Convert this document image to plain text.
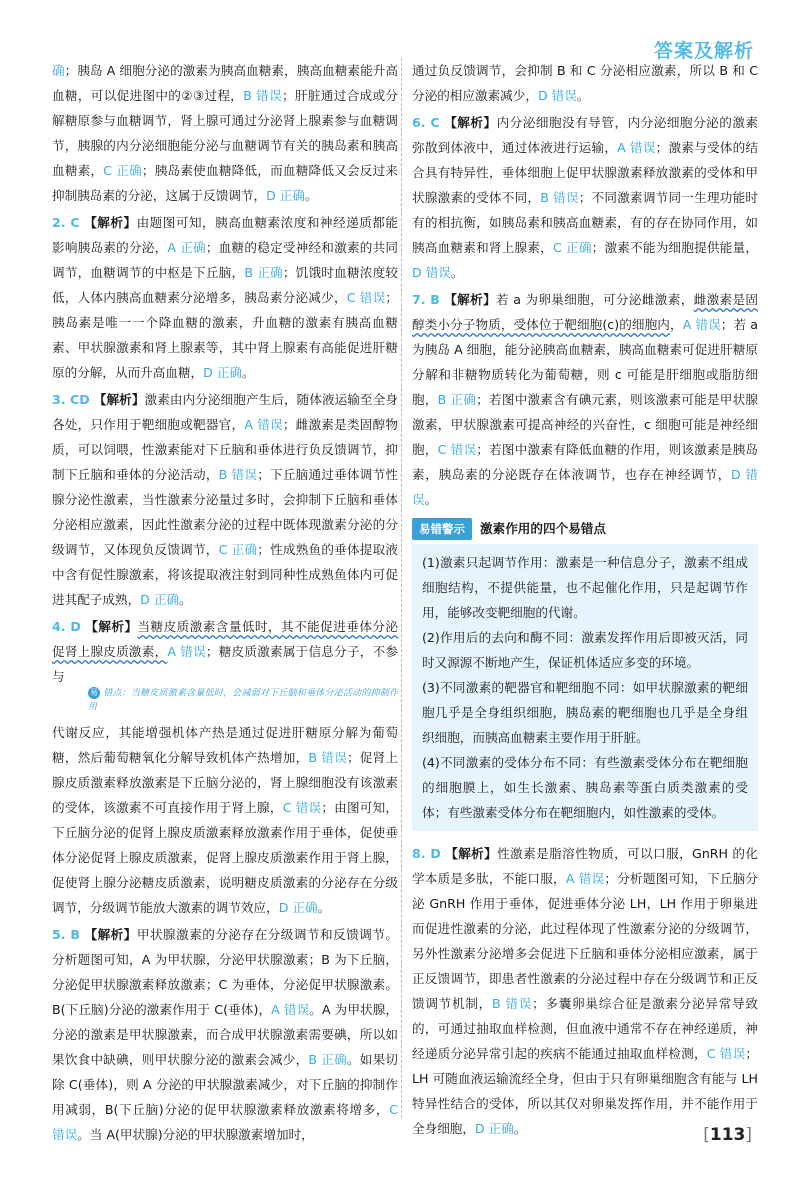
答案及解析

确；胰岛 A 细胞分泌的激素为胰高血糖素，胰高血糖素能升高血糖，可以促进图中的②③过程，B 错误；肝脏通过合成或分解糖原参与血糖调节，肾上腺可通过分泌肾上腺素参与血糖调节，胰腺的内分泌细胞能分泌与血糖调节有关的胰岛素和胰高血糖素，C 正确；胰岛素使血糖降低，而血糖降低又会反过来抑制胰岛素的分泌，这属于反馈调节，D 正确。

2. C 【解析】由题图可知，胰高血糖素浓度和神经递质都能影响胰岛素的分泌，A 正确；血糖的稳定受神经和激素的共同调节，血糖调节的中枢是下丘脑，B 正确；饥饿时血糖浓度较低，人体内胰高血糖素分泌增多，胰岛素分泌减少，C 错误；胰岛素是唯一一个降血糖的激素，升血糖的激素有胰高血糖素、甲状腺激素和肾上腺素等，其中肾上腺素有高能促进肝糖原的分解，从而升高血糖，D 正确。

3. CD 【解析】激素由内分泌细胞产生后，随体液运输至全身各处，只作用于靶细胞或靶器官，A 错误；雌激素是类固醇物质，可以饲喂，性激素能对下丘脑和垂体进行负反馈调节，抑制下丘脑和垂体的分泌活动，B 错误；下丘脑通过垂体调节性腺分泌性激素，当性激素分泌量过多时，会抑制下丘脑和垂体分泌相应激素，因此性激素分泌的过程中既体现激素分泌的分级调节，又体现负反馈调节，C 正确；性成熟鱼的垂体提取液中含有促性腺激素，将该提取液注射到同种性成熟鱼体内可促进其配子成熟，D 正确。

4. D 【解析】当糖皮质激素含量低时，其不能促进垂体分泌促肾上腺皮质激素，A 错误；糖皮质激素属于信息分子，不参与

易 错点：当糖皮质激素含量低时，会减弱对下丘脑和垂体分泌活动的抑制作用

代谢反应，其能增强机体产热是通过促进肝糖原分解为葡萄糖，然后葡萄糖氧化分解导致机体产热增加，B 错误；促肾上腺皮质激素释放激素是下丘脑分泌的，肾上腺细胞没有该激素的受体，该激素不可直接作用于肾上腺，C 错误；由图可知，下丘脑分泌的促肾上腺皮质激素释放激素作用于垂体，促使垂体分泌促肾上腺皮质激素，促肾上腺皮质激素作用于肾上腺，促使肾上腺分泌糖皮质激素，说明糖皮质激素的分泌存在分级调节，分级调节能放大激素的调节效应，D 正确。

5. B 【解析】甲状腺激素的分泌存在分级调节和反馈调节。分析题图可知，A 为甲状腺，分泌甲状腺激素；B 为下丘脑，分泌促甲状腺激素释放激素；C 为垂体，分泌促甲状腺激素。B(下丘脑)分泌的激素作用于 C(垂体)，A 错误。A 为甲状腺，分泌的激素是甲状腺激素，而合成甲状腺激素需要碘，所以如果饮食中缺碘，则甲状腺分泌的激素会减少，B 正确。如果切除 C(垂体)，则 A 分泌的甲状腺激素减少，对下丘脑的抑制作用减弱，B(下丘脑)分泌的促甲状腺激素释放激素将增多，C 错误。当 A(甲状腺)分泌的甲状腺激素增加时，

通过负反馈调节，会抑制 B 和 C 分泌相应激素，所以 B 和 C 分泌的相应激素减少，D 错误。

6. C 【解析】内分泌细胞没有导管，内分泌细胞分泌的激素弥散到体液中，通过体液进行运输，A 错误；激素与受体的结合具有特异性，垂体细胞上促甲状腺激素释放激素的受体和甲状腺激素的受体不同，B 错误；不同激素调节同一生理功能时有的相抗衡，如胰岛素和胰高血糖素，有的存在协同作用，如胰高血糖素和肾上腺素，C 正确；激素不能为细胞提供能量，D 错误。

7. B 【解析】若 a 为卵巢细胞，可分泌雌激素，雌激素是固醇类小分子物质，受体位于靶细胞(c)的细胞内，A 错误；若 a 为胰岛 A 细胞，能分泌胰高血糖素，胰高血糖素可促进肝糖原分解和非糖物质转化为葡萄糖，则 c 可能是肝细胞或脂肪细胞，B 正确；若图中激素含有碘元素，则该激素可能是甲状腺激素，甲状腺激素可提高神经的兴奋性，c 细胞可能是神经细胞，C 错误；若图中激素有降低血糖的作用，则该激素是胰岛素，胰岛素的分泌既存在体液调节，也存在神经调节，D 错误。

易错警示 激素作用的四个易错点

(1)激素只起调节作用：激素是一种信息分子，激素不组成细胞结构，不提供能量，也不起催化作用，只是起调节作用，能够改变靶细胞的代谢。

(2)作用后的去向和酶不同：激素发挥作用后即被灭活，同时又源源不断地产生，保证机体适应多变的环境。

(3)不同激素的靶器官和靶细胞不同：如甲状腺激素的靶细胞几乎是全身组织细胞，胰岛素的靶细胞也几乎是全身组织细胞，而胰高血糖素主要作用于肝脏。

(4)不同激素的受体分布不同：有些激素受体分布在靶细胞的细胞膜上，如生长激素、胰岛素等蛋白质类激素的受体；有些激素受体分布在靶细胞内，如性激素的受体。

8. D 【解析】性激素是脂溶性物质，可以口服，GnRH 的化学本质是多肽，不能口服，A 错误；分析题图可知，下丘脑分泌 GnRH 作用于垂体，促进垂体分泌 LH，LH 作用于卵巢进而促进性激素的分泌，此过程体现了性激素分泌的分级调节，另外性激素分泌增多会促进下丘脑和垂体分泌相应激素，属于正反馈调节，即患者性激素的分泌过程中存在分级调节和正反馈调节机制，B 错误；多囊卵巢综合征是激素分泌异常导致的，可通过抽取血样检测，但血液中通常不存在神经递质，神经递质分泌异常引起的疾病不能通过抽取血样检测，C 错误；LH 可随血液运输流经全身，但由于只有卵巢细胞含有能与 LH 特异性结合的受体，所以其仅对卵巢发挥作用，并不能作用于全身细胞，D 正确。	[113]
